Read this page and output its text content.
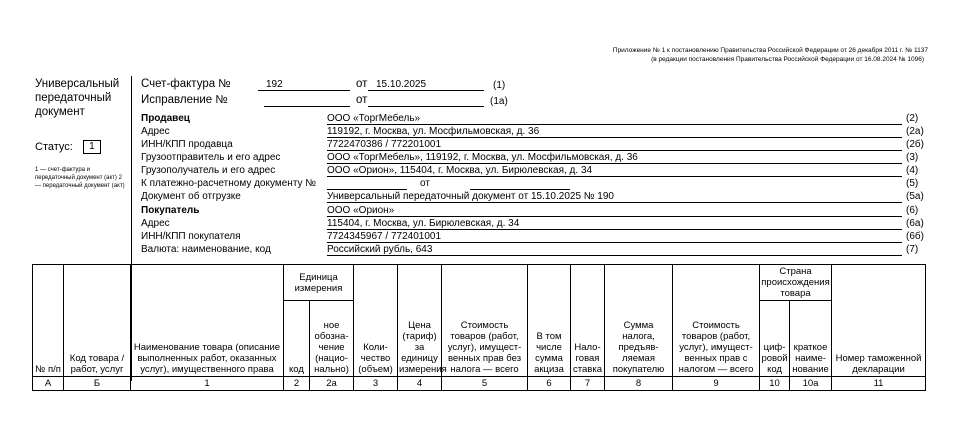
Приложение № 1 к постановлению Правительства Российской Федерации от 26 декабря 2011 г. № 1137
(в редакции постановления Правительства Российской Федерации от 16.08.2024 № 1096)
Универсальный передаточный документ
Статус:	1
1 — счет-фактура и передаточный документ (акт) 2 — передаточный документ (акт)
Счет-фактура №	192	от 15.10.2025	(1)
Исправление №	от	(1а)
Продавец	ООО «ТоргМебель»	(2)
Адрес	119192, г. Москва, ул. Мосфильмовская, д. 36	(2а)
ИНН/КПП продавца	7722470386 / 772201001	(2б)
Грузоотправитель и его адрес	ООО «ТоргМебель», 119192, г. Москва, ул. Мосфильмовская, д. 36	(3)
Грузополучатель и его адрес	ООО «Орион», 115404, г. Москва, ул. Бирюлевская, д. 34	(4)
К платежно-расчетному документу №	от	(5)
Документ об отгрузке	Универсальный передаточный документ от 15.10.2025 № 190	(5а)
Покупатель	ООО «Орион»	(6)
Адрес	115404, г. Москва, ул. Бирюлевская, д. 34	(6а)
ИНН/КПП покупателя	7724345967 / 772401001	(6б)
Валюта: наименование, код	Российский рубль, 643	(7)
№ п/п	Код товара / работ, услуг	Наименование товара (описание выполненных работ, оказанных услуг), имущественного права	Единица измерения		Коли-чество (объем)	Цена (тариф) за единицу измерения	Стоимость товаров (работ, услуг), имущест-венных прав без налога — всего	В том числе сумма акциза	Нало-говая ставка	Сумма налога, предъяв-ляемая покупателю	Стоимость товаров (работ, услуг), имущест-венных прав с налогом — всего	Страна происхождения товара		Номер таможенной декларации
			код	ное обозна-чение (нацио-нально)								циф-ровой код	краткое наиме-нование	
А	Б	1	2	2а	3	4	5	6	7	8	9	10	10а	11
